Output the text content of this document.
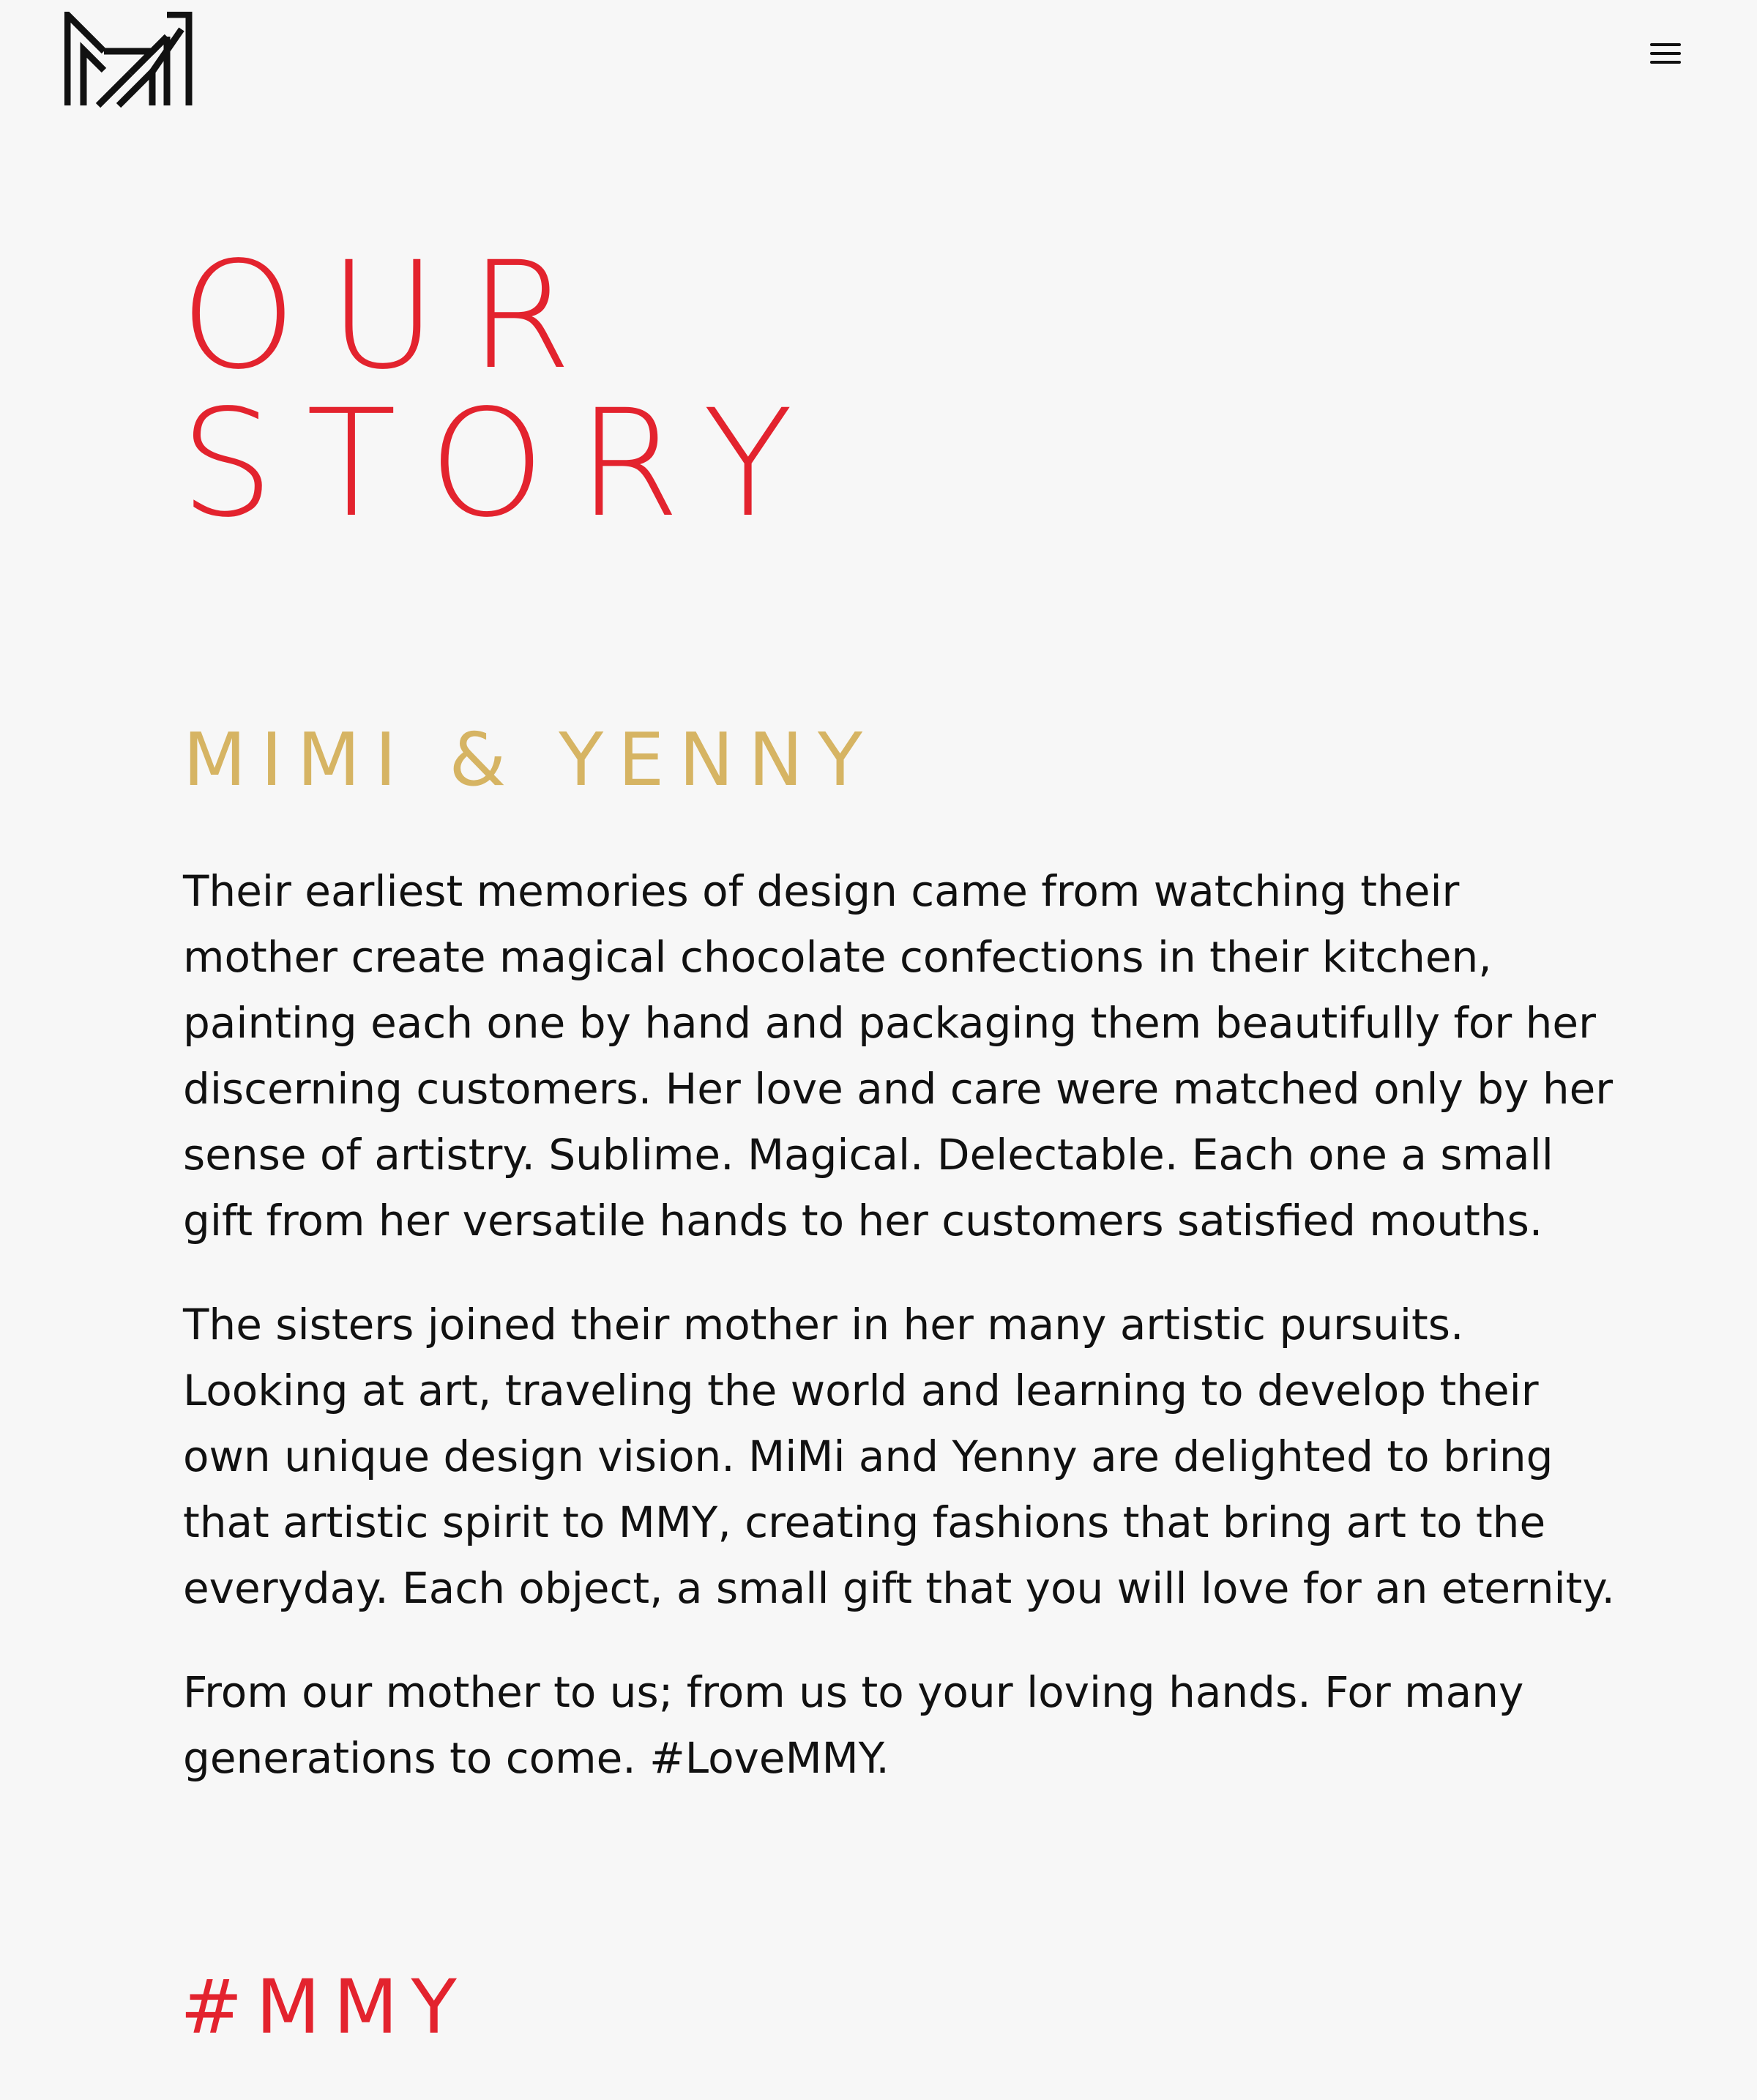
OUR
STORY
MIMI & YENNY

Their earliest memories of design came from watching their mother create magical chocolate confections in their kitchen, painting each one by hand and packaging them beautifully for her discerning customers. Her love and care were matched only by her sense of artistry. Sublime. Magical. Delectable. Each one a small gift from her versatile hands to her customers satisfied mouths.

The sisters joined their mother in her many artistic pursuits. Looking at art, traveling the world and learning to develop their own unique design vision. MiMi and Yenny are delighted to bring that artistic spirit to MMY, creating fashions that bring art to the everyday. Each object, a small gift that you will love for an eternity.

From our mother to us; from us to your loving hands. For many generations to come. #LoveMMY.

#MMY
